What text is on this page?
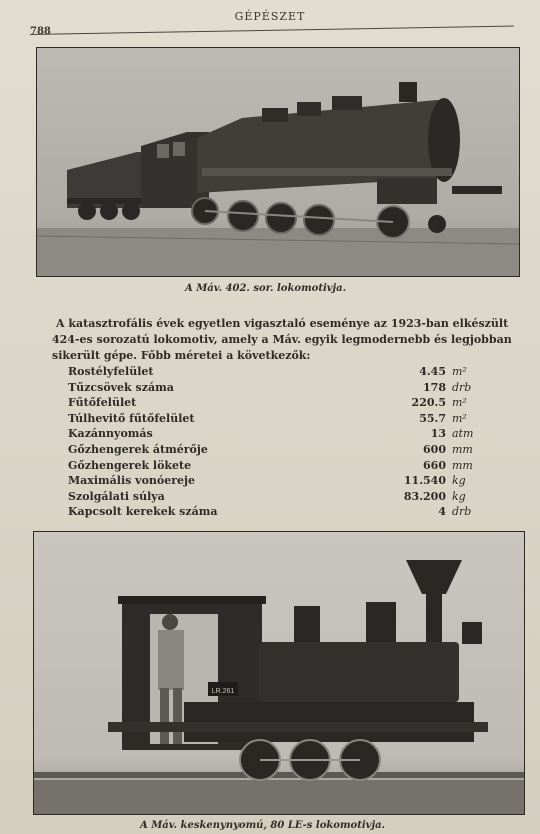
GÉPÉSZET
788
A Máv. 402. sor. lokomotivja.
A katasztrofális évek egyetlen vigasztaló eseménye az 1923-ban elkészült
424-es sorozatú lokomotiv, amely a Máv. egyik legmodernebb és legjobban
sikerült gépe. Főbb méretei a következők:
Rostélyfelület	4.45 m²
Tűzcsövek száma	178 drb
Fűtőfelület	220.5 m²
Túlhevitő fűtőfelület	55.7 m²
Kazánnyomás	13 atm
Gőzhengerek átmérője	600 mm
Gőzhengerek lökete	660 mm
Maximális vonóereje	11.540 kg
Szolgálati súlya	83.200 kg
Kapcsolt kerekek száma	4 drb
LR.261
A Máv. keskenynyomú, 80 LE-s lokomotivja.
